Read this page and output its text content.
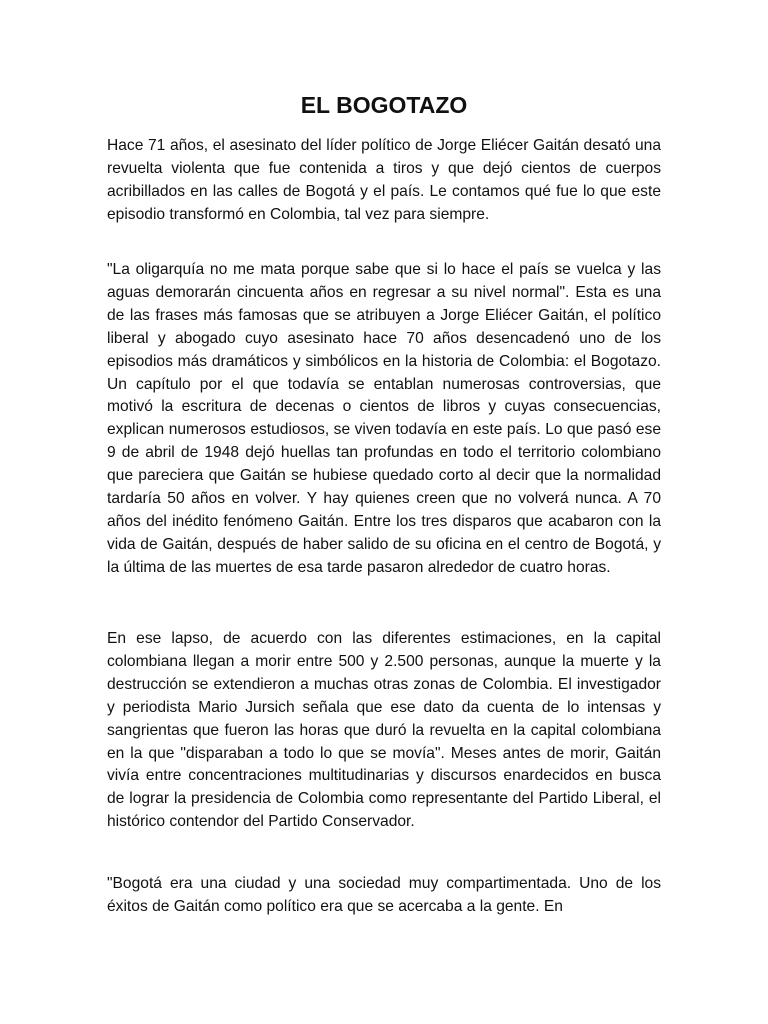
EL BOGOTAZO

Hace 71 años, el asesinato del líder político de Jorge Eliécer Gaitán desató una revuelta violenta que fue contenida a tiros y que dejó cientos de cuerpos acribillados en las calles de Bogotá y el país. Le contamos qué fue lo que este episodio transformó en Colombia, tal vez para siempre.

"La oligarquía no me mata porque sabe que si lo hace el país se vuelca y las aguas demorarán cincuenta años en regresar a su nivel normal". Esta es una de las frases más famosas que se atribuyen a Jorge Eliécer Gaitán, el político liberal y abogado cuyo asesinato hace 70 años desencadenó uno de los episodios más dramáticos y simbólicos en la historia de Colombia: el Bogotazo. Un capítulo por el que todavía se entablan numerosas controversias, que motivó la escritura de decenas o cientos de libros y cuyas consecuencias, explican numerosos estudiosos, se viven todavía en este país. Lo que pasó ese 9 de abril de 1948 dejó huellas tan profundas en todo el territorio colombiano que pareciera que Gaitán se hubiese quedado corto al decir que la normalidad tardaría 50 años en volver. Y hay quienes creen que no volverá nunca. A 70 años del inédito fenómeno Gaitán. Entre los tres disparos que acabaron con la vida de Gaitán, después de haber salido de su oficina en el centro de Bogotá, y la última de las muertes de esa tarde pasaron alrededor de cuatro horas.

En ese lapso, de acuerdo con las diferentes estimaciones, en la capital colombiana llegan a morir entre 500 y 2.500 personas, aunque la muerte y la destrucción se extendieron a muchas otras zonas de Colombia. El investigador y periodista Mario Jursich señala que ese dato da cuenta de lo intensas y sangrientas que fueron las horas que duró la revuelta en la capital colombiana en la que "disparaban a todo lo que se movía". Meses antes de morir, Gaitán vivía entre concentraciones multitudinarias y discursos enardecidos en busca de lograr la presidencia de Colombia como representante del Partido Liberal, el histórico contendor del Partido Conservador.

"Bogotá era una ciudad y una sociedad muy compartimentada. Uno de los éxitos de Gaitán como político era que se acercaba a la gente. En
